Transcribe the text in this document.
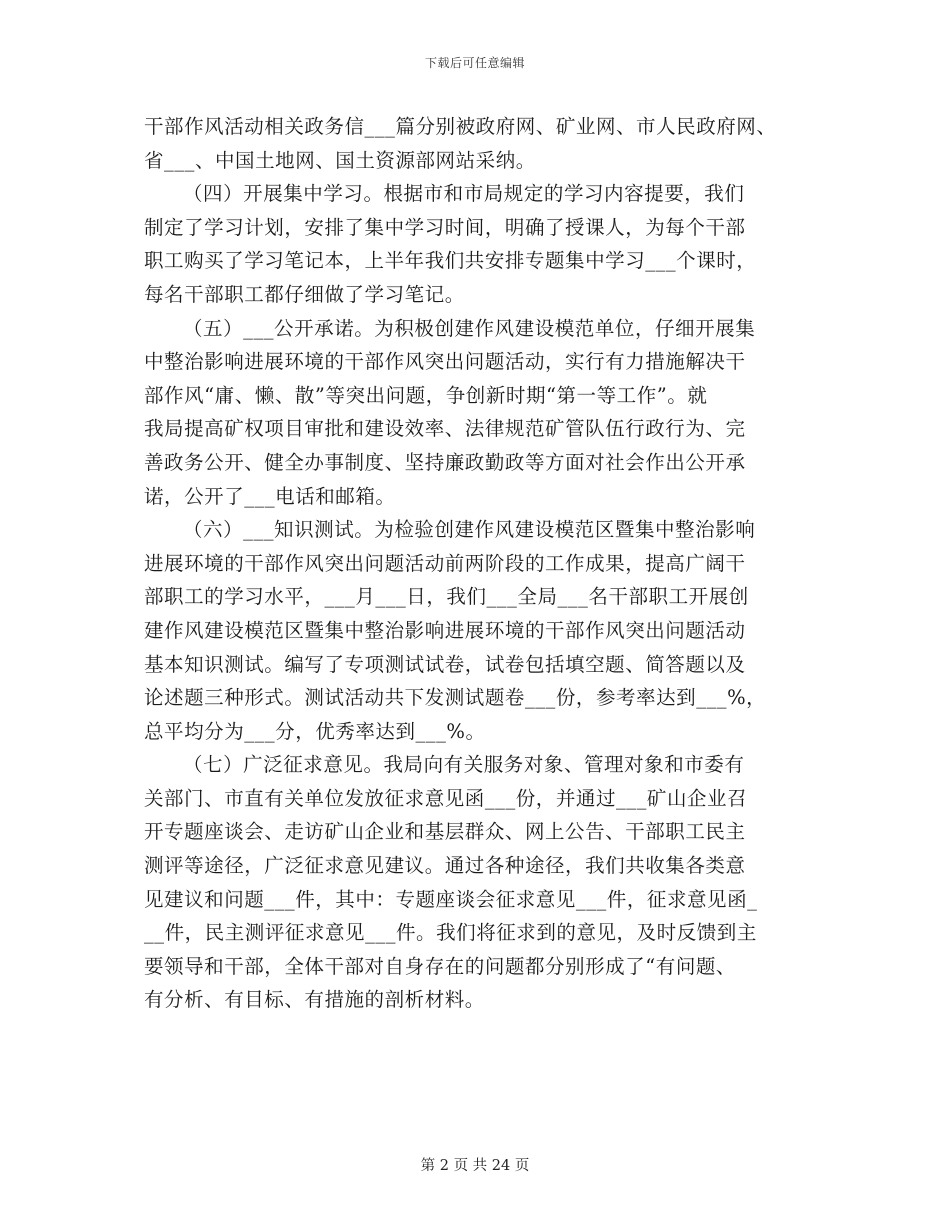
下载后可任意编辑
干部作风活动相关政务信___篇分别被政府网、矿业网、市人民政府网、
省___、中国土地网、国土资源部网站采纳。
（四）开展集中学习。根据市和市局规定的学习内容提要，我们
制定了学习计划，安排了集中学习时间，明确了授课人，为每个干部
职工购买了学习笔记本，上半年我们共安排专题集中学习___个课时，
每名干部职工都仔细做了学习笔记。
（五）___公开承诺。为积极创建作风建设模范单位，仔细开展集
中整治影响进展环境的干部作风突出问题活动，实行有力措施解决干
部作风“庸、懒、散”等突出问题，争创新时期“第一等工作”。就
我局提高矿权项目审批和建设效率、法律规范矿管队伍行政行为、完
善政务公开、健全办事制度、坚持廉政勤政等方面对社会作出公开承
诺，公开了___电话和邮箱。
（六）___知识测试。为检验创建作风建设模范区暨集中整治影响
进展环境的干部作风突出问题活动前两阶段的工作成果，提高广阔干
部职工的学习水平，___月___日，我们___全局___名干部职工开展创
建作风建设模范区暨集中整治影响进展环境的干部作风突出问题活动
基本知识测试。编写了专项测试试卷，试卷包括填空题、简答题以及
论述题三种形式。测试活动共下发测试题卷___份，参考率达到___%，
总平均分为___分，优秀率达到___%。
（七）广泛征求意见。我局向有关服务对象、管理对象和市委有
关部门、市直有关单位发放征求意见函___份，并通过___矿山企业召
开专题座谈会、走访矿山企业和基层群众、网上公告、干部职工民主
测评等途径，广泛征求意见建议。通过各种途径，我们共收集各类意
见建议和问题___件，其中：专题座谈会征求意见___件，征求意见函_
__件，民主测评征求意见___件。我们将征求到的意见，及时反馈到主
要领导和干部，全体干部对自身存在的问题都分别形成了“有问题、
有分析、有目标、有措施的剖析材料。
第 2 页 共 24 页
